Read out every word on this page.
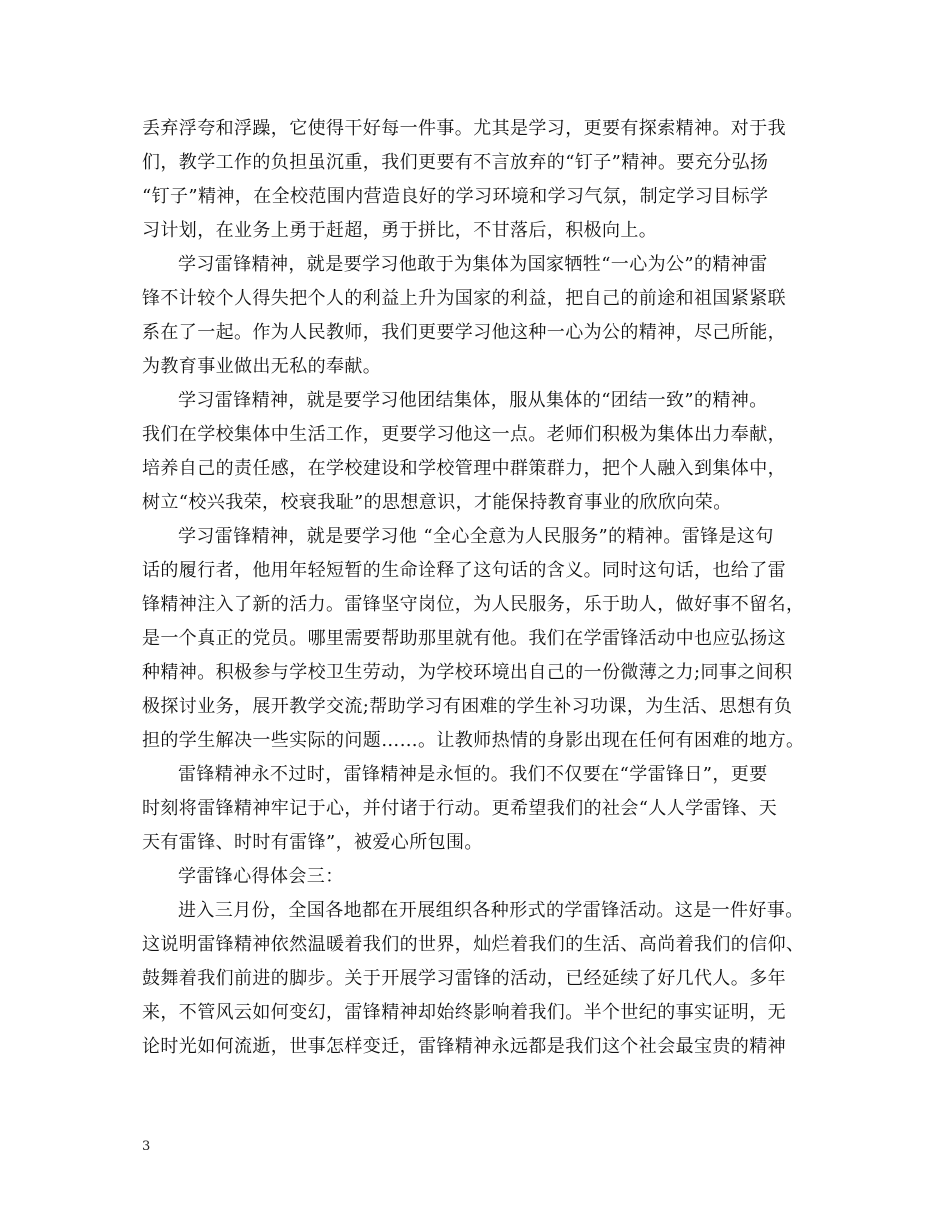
丢弃浮夸和浮躁，它使得干好每一件事。尤其是学习，更要有探索精神。对于我
们，教学工作的负担虽沉重，我们更要有不言放弃的“钉子”精神。要充分弘扬
“钉子”精神，在全校范围内营造良好的学习环境和学习气氛，制定学习目标学
习计划，在业务上勇于赶超，勇于拼比，不甘落后，积极向上。
学习雷锋精神，就是要学习他敢于为集体为国家牺牲“一心为公”的精神雷
锋不计较个人得失把个人的利益上升为国家的利益，把自己的前途和祖国紧紧联
系在了一起。作为人民教师，我们更要学习他这种一心为公的精神，尽己所能，
为教育事业做出无私的奉献。
学习雷锋精神，就是要学习他团结集体，服从集体的“团结一致”的精神。
我们在学校集体中生活工作，更要学习他这一点。老师们积极为集体出力奉献，
培养自己的责任感，在学校建设和学校管理中群策群力，把个人融入到集体中，
树立“校兴我荣，校衰我耻”的思想意识，才能保持教育事业的欣欣向荣。
学习雷锋精神，就是要学习他 “全心全意为人民服务”的精神。雷锋是这句
话的履行者，他用年轻短暂的生命诠释了这句话的含义。同时这句话，也给了雷
锋精神注入了新的活力。雷锋坚守岗位，为人民服务，乐于助人，做好事不留名，
是一个真正的党员。哪里需要帮助那里就有他。我们在学雷锋活动中也应弘扬这
种精神。积极参与学校卫生劳动，为学校环境出自己的一份微薄之力;同事之间积
极探讨业务，展开教学交流;帮助学习有困难的学生补习功课，为生活、思想有负
担的学生解决一些实际的问题……。让教师热情的身影出现在任何有困难的地方。
雷锋精神永不过时，雷锋精神是永恒的。我们不仅要在“学雷锋日”，更要
时刻将雷锋精神牢记于心，并付诸于行动。更希望我们的社会“人人学雷锋、天
天有雷锋、时时有雷锋”，被爱心所包围。
学雷锋心得体会三：
进入三月份，全国各地都在开展组织各种形式的学雷锋活动。这是一件好事。
这说明雷锋精神依然温暖着我们的世界，灿烂着我们的生活、高尚着我们的信仰、
鼓舞着我们前进的脚步。关于开展学习雷锋的活动，已经延续了好几代人。多年
来，不管风云如何变幻，雷锋精神却始终影响着我们。半个世纪的事实证明，无
论时光如何流逝，世事怎样变迁，雷锋精神永远都是我们这个社会最宝贵的精神
3
